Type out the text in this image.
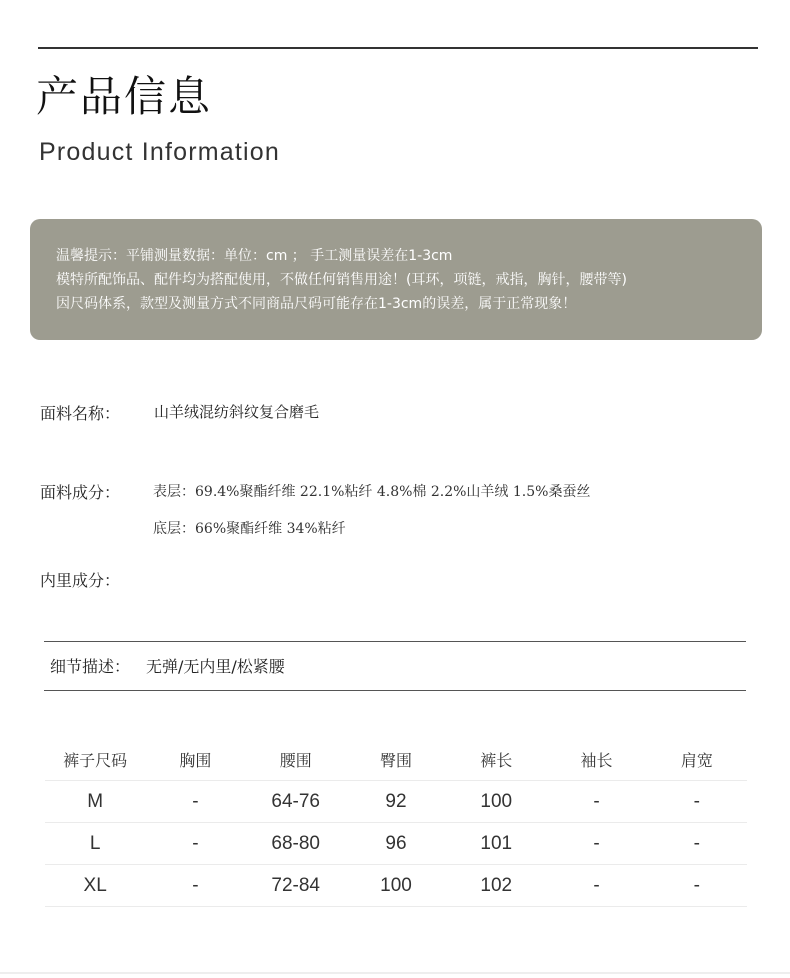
产品信息
Product Information
温馨提示：平铺测量数据：单位：cm ； 手工测量误差在1-3cm
模特所配饰品、配件均为搭配使用，不做任何销售用途！(耳环，项链，戒指，胸针，腰带等)
因尺码体系，款型及测量方式不同商品尺码可能存在1-3cm的误差，属于正常现象！
面料名称： 山羊绒混纺斜纹复合磨毛
面料成分： 表层：69.4%聚酯纤维 22.1%粘纤 4.8%棉 2.2%山羊绒 1.5%桑蚕丝
底层：66%聚酯纤维 34%粘纤
内里成分：
细节描述： 无弹/无内里/松紧腰
裤子尺码	胸围	腰围	臀围	裤长	袖长	肩宽
M	-	64-76	92	100	-	-
L	-	68-80	96	101	-	-
XL	-	72-84	100	102	-	-
